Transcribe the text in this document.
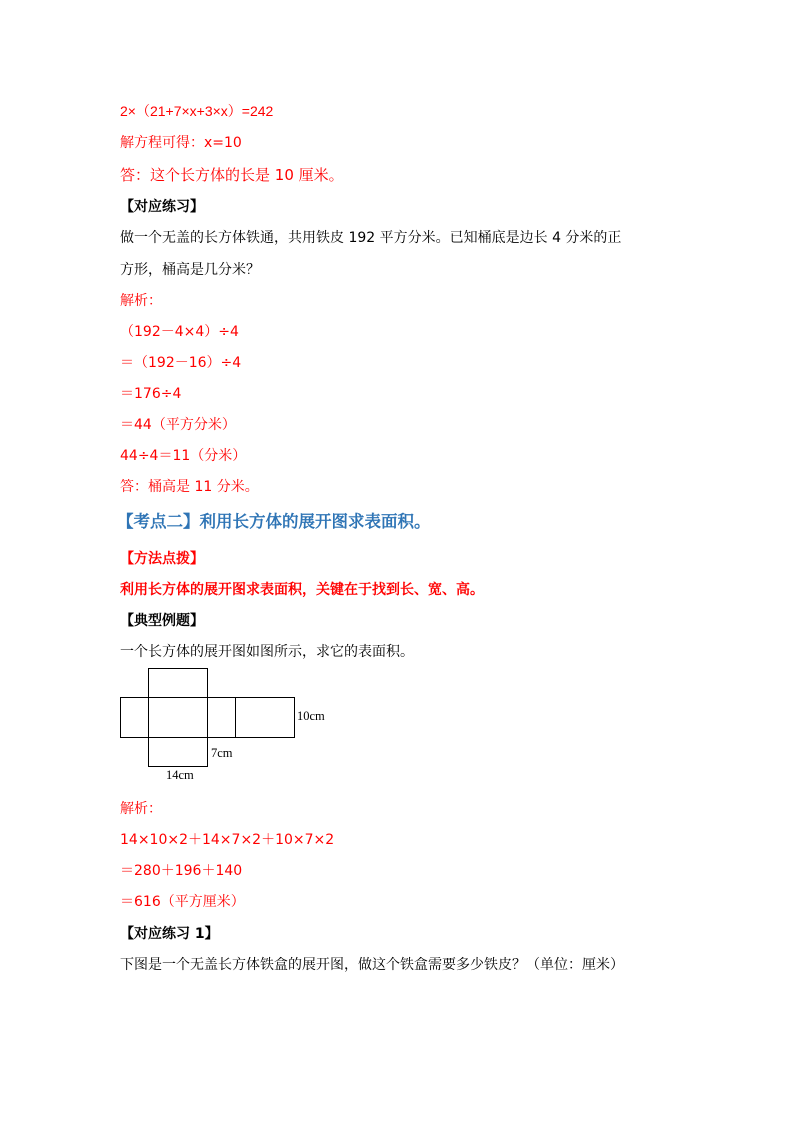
2×（21+7×x+3×x）=242
解方程可得：x=10
答：这个长方体的长是 10 厘米。
【对应练习】
做一个无盖的长方体铁通，共用铁皮 192 平方分米。已知桶底是边长 4 分米的正
方形，桶高是几分米？
解析：
（192－4×4）÷4
＝（192－16）÷4
＝176÷4
＝44（平方分米）
44÷4＝11（分米）
答：桶高是 11 分米。
【考点二】利用长方体的展开图求表面积。
【方法点拨】
利用长方体的展开图求表面积，关键在于找到长、宽、高。
【典型例题】
一个长方体的展开图如图所示，求它的表面积。
10cm
7cm
14cm
解析：
14×10×2＋14×7×2＋10×7×2
＝280＋196＋140
＝616（平方厘米）
【对应练习 1】
下图是一个无盖长方体铁盒的展开图，做这个铁盒需要多少铁皮？（单位：厘米）
